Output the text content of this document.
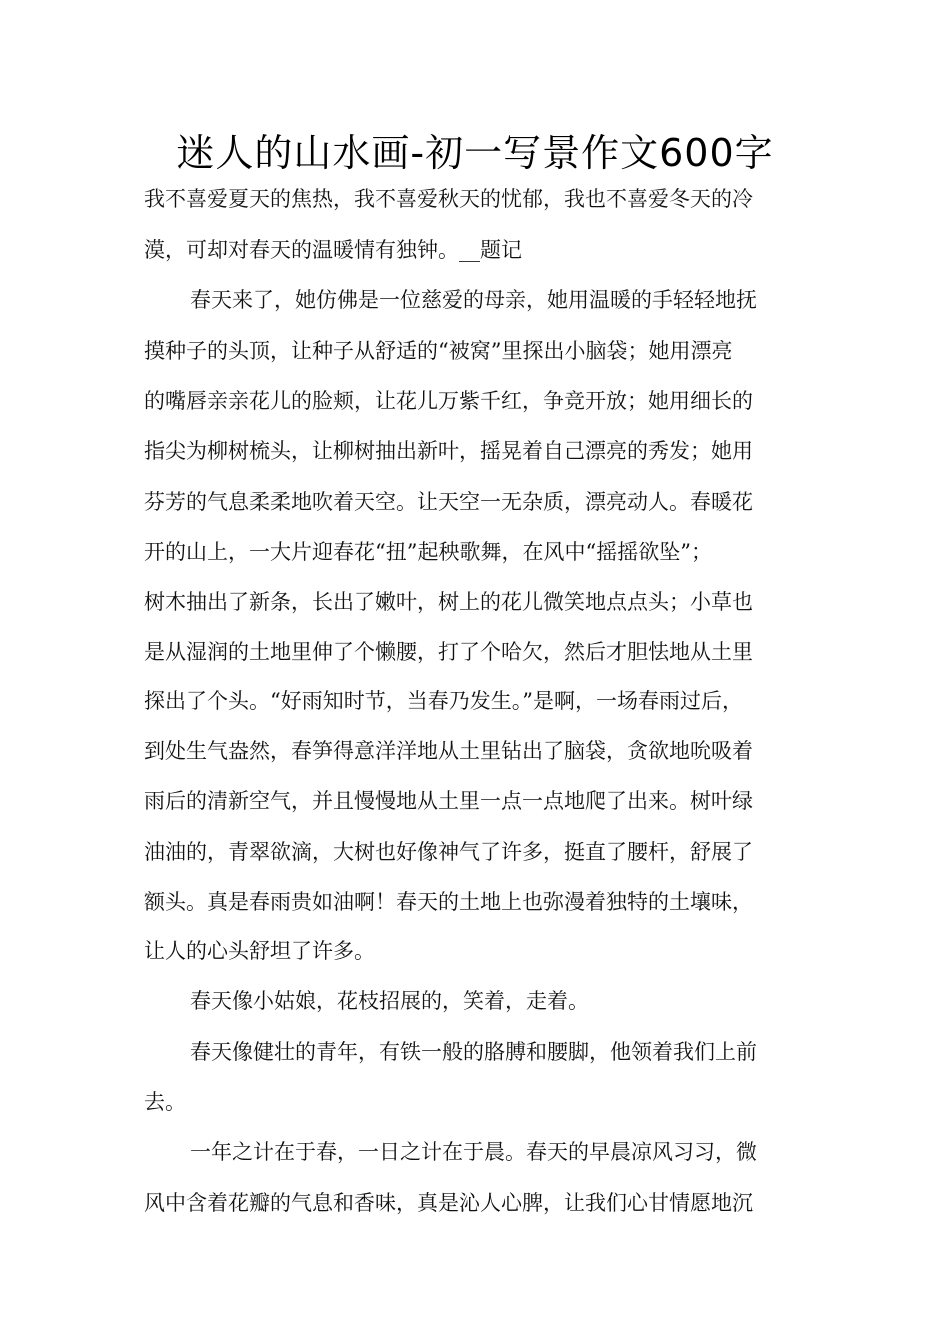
迷人的山水画-初一写景作文600字
我不喜爱夏天的焦热，我不喜爱秋天的忧郁，我也不喜爱冬天的冷
漠，可却对春天的温暖情有独钟。__题记
春天来了，她仿佛是一位慈爱的母亲，她用温暖的手轻轻地抚
摸种子的头顶，让种子从舒适的“被窝”里探出小脑袋；她用漂亮
的嘴唇亲亲花儿的脸颊，让花儿万紫千红，争竞开放；她用细长的
指尖为柳树梳头，让柳树抽出新叶，摇晃着自己漂亮的秀发；她用
芬芳的气息柔柔地吹着天空。让天空一无杂质，漂亮动人。春暖花
开的山上，一大片迎春花“扭”起秧歌舞，在风中“摇摇欲坠”；
树木抽出了新条，长出了嫩叶，树上的花儿微笑地点点头；小草也
是从湿润的土地里伸了个懒腰，打了个哈欠，然后才胆怯地从土里
探出了个头。“好雨知时节，当春乃发生。”是啊，一场春雨过后，
到处生气盎然，春笋得意洋洋地从土里钻出了脑袋，贪欲地吮吸着
雨后的清新空气，并且慢慢地从土里一点一点地爬了出来。树叶绿
油油的，青翠欲滴，大树也好像神气了许多，挺直了腰杆，舒展了
额头。真是春雨贵如油啊！春天的土地上也弥漫着独特的土壤味，
让人的心头舒坦了许多。
春天像小姑娘，花枝招展的，笑着，走着。
春天像健壮的青年，有铁一般的胳膊和腰脚，他领着我们上前
去。
一年之计在于春，一日之计在于晨。春天的早晨凉风习习，微
风中含着花瓣的气息和香味，真是沁人心脾，让我们心甘情愿地沉
